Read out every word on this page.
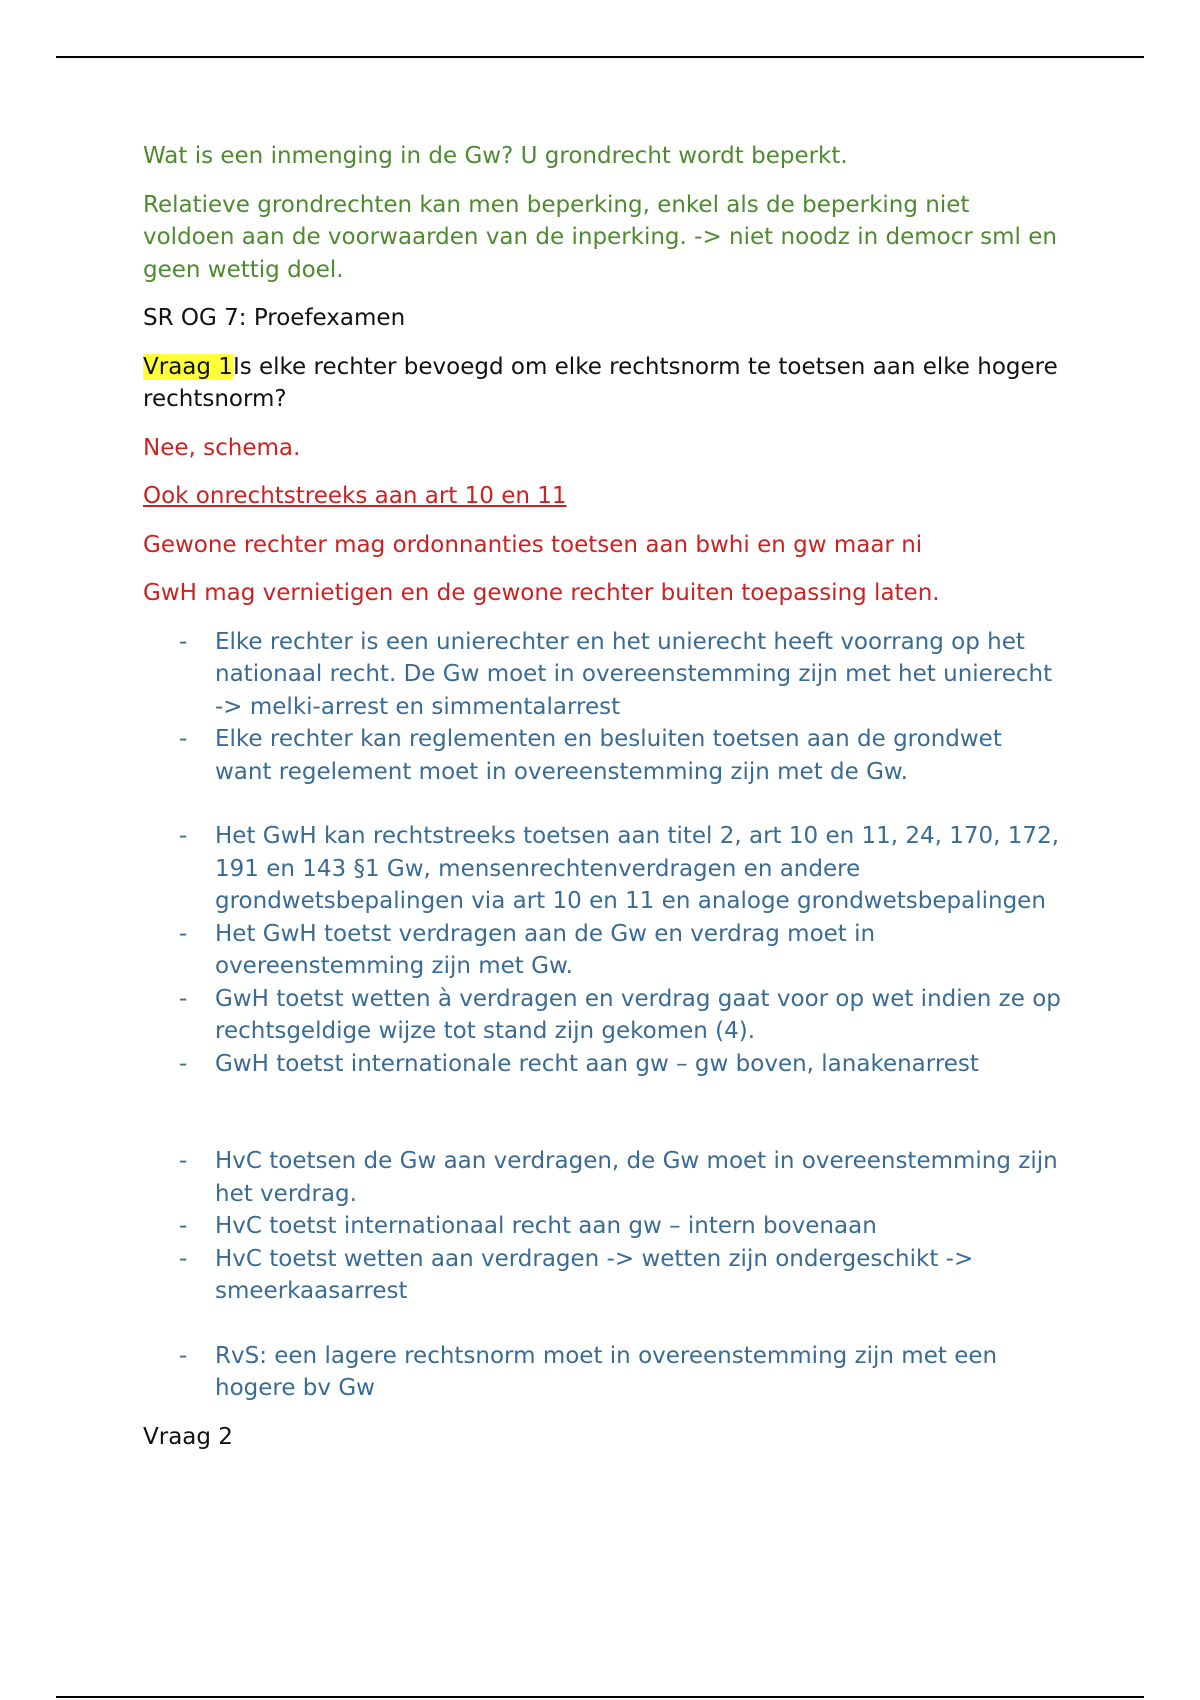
Wat is een inmenging in de Gw? U grondrecht wordt beperkt.

Relatieve grondrechten kan men beperking, enkel als de beperking niet voldoen aan de voorwaarden van de inperking. -> niet noodz in democr sml en geen wettig doel.

SR OG 7: Proefexamen

Vraag 1Is elke rechter bevoegd om elke rechtsnorm te toetsen aan elke hogere rechtsnorm?

Nee, schema.

Ook onrechtstreeks aan art 10 en 11

Gewone rechter mag ordonnanties toetsen aan bwhi en gw maar ni

GwH mag vernietigen en de gewone rechter buiten toepassing laten.

- Elke rechter is een unierechter en het unierecht heeft voorrang op het nationaal recht. De Gw moet in overeenstemming zijn met het unierecht -> melki-arrest en simmentalarrest
- Elke rechter kan reglementen en besluiten toetsen aan de grondwet want regelement moet in overeenstemming zijn met de Gw.
- Het GwH kan rechtstreeks toetsen aan titel 2, art 10 en 11, 24, 170, 172, 191 en 143 §1 Gw, mensenrechtenverdragen en andere grondwetsbepalingen via art 10 en 11 en analoge grondwetsbepalingen
- Het GwH toetst verdragen aan de Gw en verdrag moet in overeenstemming zijn met Gw.
- GwH toetst wetten à verdragen en verdrag gaat voor op wet indien ze op rechtsgeldige wijze tot stand zijn gekomen (4).
- GwH toetst internationale recht aan gw – gw boven, lanakenarrest
- HvC toetsen de Gw aan verdragen, de Gw moet in overeenstemming zijn het verdrag.
- HvC toetst internationaal recht aan gw – intern bovenaan
- HvC toetst wetten aan verdragen -> wetten zijn ondergeschikt -> smeerkaasarrest
- RvS: een lagere rechtsnorm moet in overeenstemming zijn met een hogere bv Gw

Vraag 2
